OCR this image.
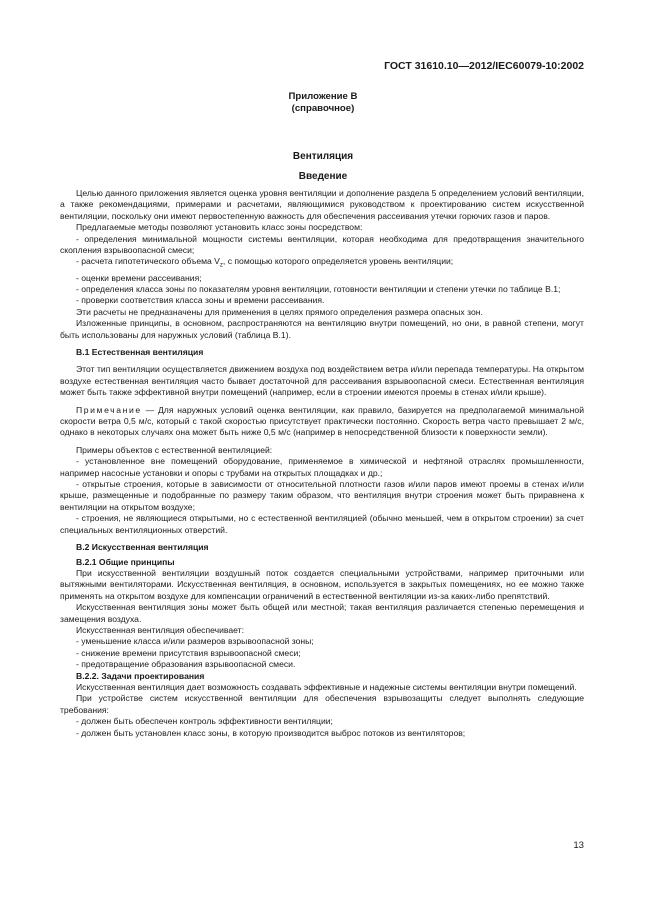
ГОСТ 31610.10—2012/IEC60079-10:2002
Приложение В
(справочное)
Вентиляция
Введение

Целью данного приложения является оценка уровня вентиляции и дополнение раздела 5 определением условий вентиляции, а также рекомендациями, примерами и расчетами, являющимися руководством к проектированию систем искусственной вентиляции, поскольку они имеют первостепенную важность для обеспечения рассеивания утечки горючих газов и паров.

Предлагаемые методы позволяют установить класс зоны посредством:

- определения минимальной мощности системы вентиляции, которая необходима для предотвращения значительного скопления взрывоопасной смеси;

- расчета гипотетического объема $V_z$, с помощью которого определяется уровень вентиляции;

- оценки времени рассеивания;

- определения класса зоны по показателям уровня вентиляции, готовности вентиляции и степени утечки по таблице В.1;

- проверки соответствия класса зоны и времени рассеивания.

Эти расчеты не предназначены для применения в целях прямого определения размера опасных зон.

Изложенные принципы, в основном, распространяются на вентиляцию внутри помещений, но они, в равной степени, могут быть использованы для наружных условий (таблица В.1).

В.1 Естественная вентиляция

Этот тип вентиляции осуществляется движением воздуха под воздействием ветра и/или перепада температуры. На открытом воздухе естественная вентиляция часто бывает достаточной для рассеивания взрывоопасной смеси. Естественная вентиляция может быть также эффективной внутри помещений (например, если в строении имеются проемы в стенах и/или крыше).

Примечание — Для наружных условий оценка вентиляции, как правило, базируется на предполагаемой минимальной скорости ветра 0,5 м/с, который с такой скоростью присутствует практически постоянно. Скорость ветра часто превышает 2 м/с, однако в некоторых случаях она может быть ниже 0,5 м/с (например в непосредственной близости к поверхности земли).

Примеры объектов с естественной вентиляцией:

- установленное вне помещений оборудование, применяемое в химической и нефтяной отраслях промышленности, например насосные установки и опоры с трубами на открытых площадках и др.;

- открытые строения, которые в зависимости от относительной плотности газов и/или паров имеют проемы в стенах и/или крыше, размещенные и подобранные по размеру таким образом, что вентиляция внутри строения может быть приравнена к вентиляции на открытом воздухе;

- строения, не являющиеся открытыми, но с естественной вентиляцией (обычно меньшей, чем в открытом строении) за счет специальных вентиляционных отверстий.

В.2 Искусственная вентиляция

В.2.1 Общие принципы

При искусственной вентиляции воздушный поток создается специальными устройствами, например приточными или вытяжными вентиляторами. Искусственная вентиляция, в основном, используется в закрытых помещениях, но ее можно также применять на открытом воздухе для компенсации ограничений в естественной вентиляции из-за каких-либо препятствий.

Искусственная вентиляция зоны может быть общей или местной; такая вентиляция различается степенью перемещения и замещения воздуха.

Искусственная вентиляция обеспечивает:

- уменьшение класса и/или размеров взрывоопасной зоны;

- снижение времени присутствия взрывоопасной смеси;

- предотвращение образования взрывоопасной смеси.

В.2.2. Задачи проектирования

Искусственная вентиляция дает возможность создавать эффективные и надежные системы вентиляции внутри помещений.

При устройстве систем искусственной вентиляции для обеспечения взрывозащиты следует выполнять следующие требования:

- должен быть обеспечен контроль эффективности вентиляции;

- должен быть установлен класс зоны, в которую производится выброс потоков из вентиляторов;

13
